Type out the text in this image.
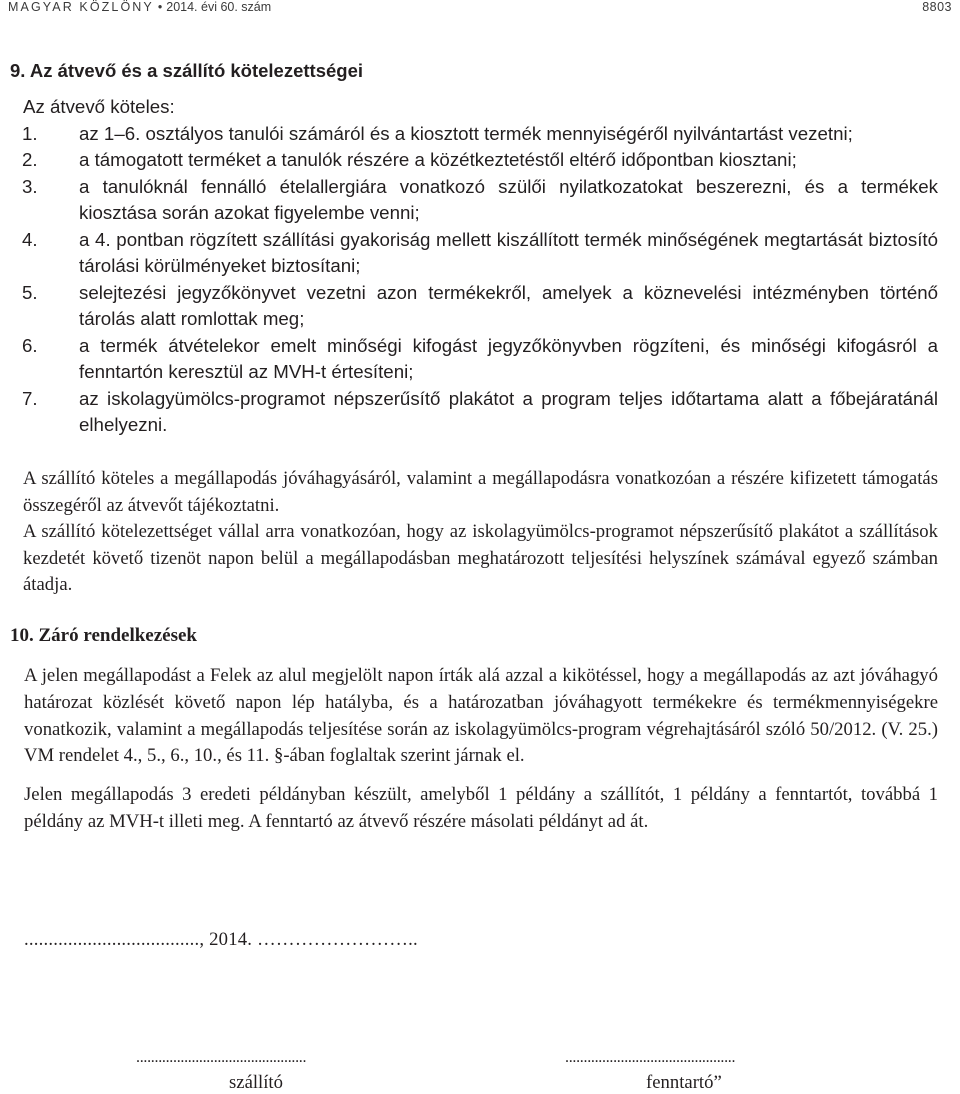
MAGYAR KÖZLÖNY • 2014. évi 60. szám	8803
9. Az átvevő és a szállító kötelezettségei

Az átvevő köteles:

1. az 1–6. osztályos tanulói számáról és a kiosztott termék mennyiségéről nyilvántartást vezetni;
2. a támogatott terméket a tanulók részére a közétkeztetéstől eltérő időpontban kiosztani;
3. a tanulóknál fennálló ételallergiára vonatkozó szülői nyilatkozatokat beszerezni, és a termékek kiosztása során azokat figyelembe venni;
4. a 4. pontban rögzített szállítási gyakoriság mellett kiszállított termék minőségének megtartását biztosító tárolási körülményeket biztosítani;
5. selejtezési jegyzőkönyvet vezetni azon termékekről, amelyek a köznevelési intézményben történő tárolás alatt romlottak meg;
6. a termék átvételekor emelt minőségi kifogást jegyzőkönyvben rögzíteni, és minőségi kifogásról a fenntartón keresztül az MVH-t értesíteni;
7. az iskolagyümölcs-programot népszerűsítő plakátot a program teljes időtartama alatt a főbejáratánál elhelyezni.

A szállító köteles a megállapodás jóváhagyásáról, valamint a megállapodásra vonatkozóan a részére kifizetett támogatás összegéről az átvevőt tájékoztatni.

A szállító kötelezettséget vállal arra vonatkozóan, hogy az iskolagyümölcs-programot népszerűsítő plakátot a szállítások kezdetét követő tizenöt napon belül a megállapodásban meghatározott teljesítési helyszínek számával egyező számban átadja.

10. Záró rendelkezések

A jelen megállapodást a Felek az alul megjelölt napon írták alá azzal a kikötéssel, hogy a megállapodás az azt jóváhagyó határozat közlését követő napon lép hatályba, és a határozatban jóváhagyott termékekre és termékmennyiségekre vonatkozik, valamint a megállapodás teljesítése során az iskolagyümölcs-program végrehajtásáról szóló 50/2012. (V. 25.) VM rendelet 4., 5., 6., 10., és 11. §-ában foglaltak szerint járnak el.

Jelen megállapodás 3 eredeti példányban készült, amelyből 1 példány a szállítót, 1 példány a fenntartót, továbbá 1 példány az MVH-t illeti meg. A fenntartó az átvevő részére másolati példányt ad át.

...................................., 2014. ……………………..
..............................................
szállító
..............................................
fenntartó”
